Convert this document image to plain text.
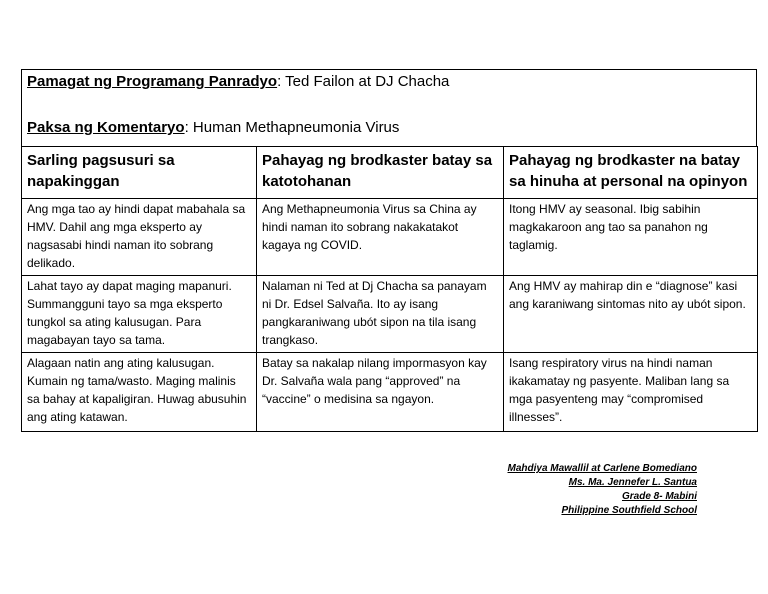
Pamagat ng Programang Panradyo: Ted Failon at DJ Chacha
Paksa ng Komentaryo: Human Methapneumonia Virus
Sarling pagsusuri sa napakinggan	Pahayag ng brodkaster batay sa katotohanan	Pahayag ng brodkaster na batay sa hinuha at personal na opinyon
Ang mga tao ay hindi dapat mabahala sa HMV. Dahil ang mga eksperto ay nagsasabi hindi naman ito sobrang delikado.	Ang Methapneumonia Virus sa China ay hindi naman ito sobrang nakakatakot kagaya ng COVID.	Itong HMV ay seasonal. Ibig sabihin magkakaroon ang tao sa panahon ng taglamig.
Lahat tayo ay dapat maging mapanuri. Summangguni tayo sa mga eksperto tungkol sa ating kalusugan. Para magabayan tayo sa tama.	Nalaman ni Ted at Dj Chacha sa panayam ni Dr. Edsel Salvaña. Ito ay isang pangkaraniwang ubót sipon na tila isang trangkaso.	Ang HMV ay mahirap din e “diagnose” kasi ang karaniwang sintomas nito ay ubót sipon.
Alagaan natin ang ating kalusugan. Kumain ng tama/wasto. Maging malinis sa bahay at kapaligiran. Huwag abusuhin ang ating katawan.	Batay sa nakalap nilang impormasyon kay Dr. Salvaña wala pang “approved” na “vaccine” o medisina sa ngayon.	Isang respiratory virus na hindi naman ikakamatay ng pasyente. Maliban lang sa mga pasyenteng may “compromised illnesses”.
Mahdiya Mawallil at Carlene Bomediano
Ms. Ma. Jennefer L. Santua
Grade 8- Mabini
Philippine Southfield School
